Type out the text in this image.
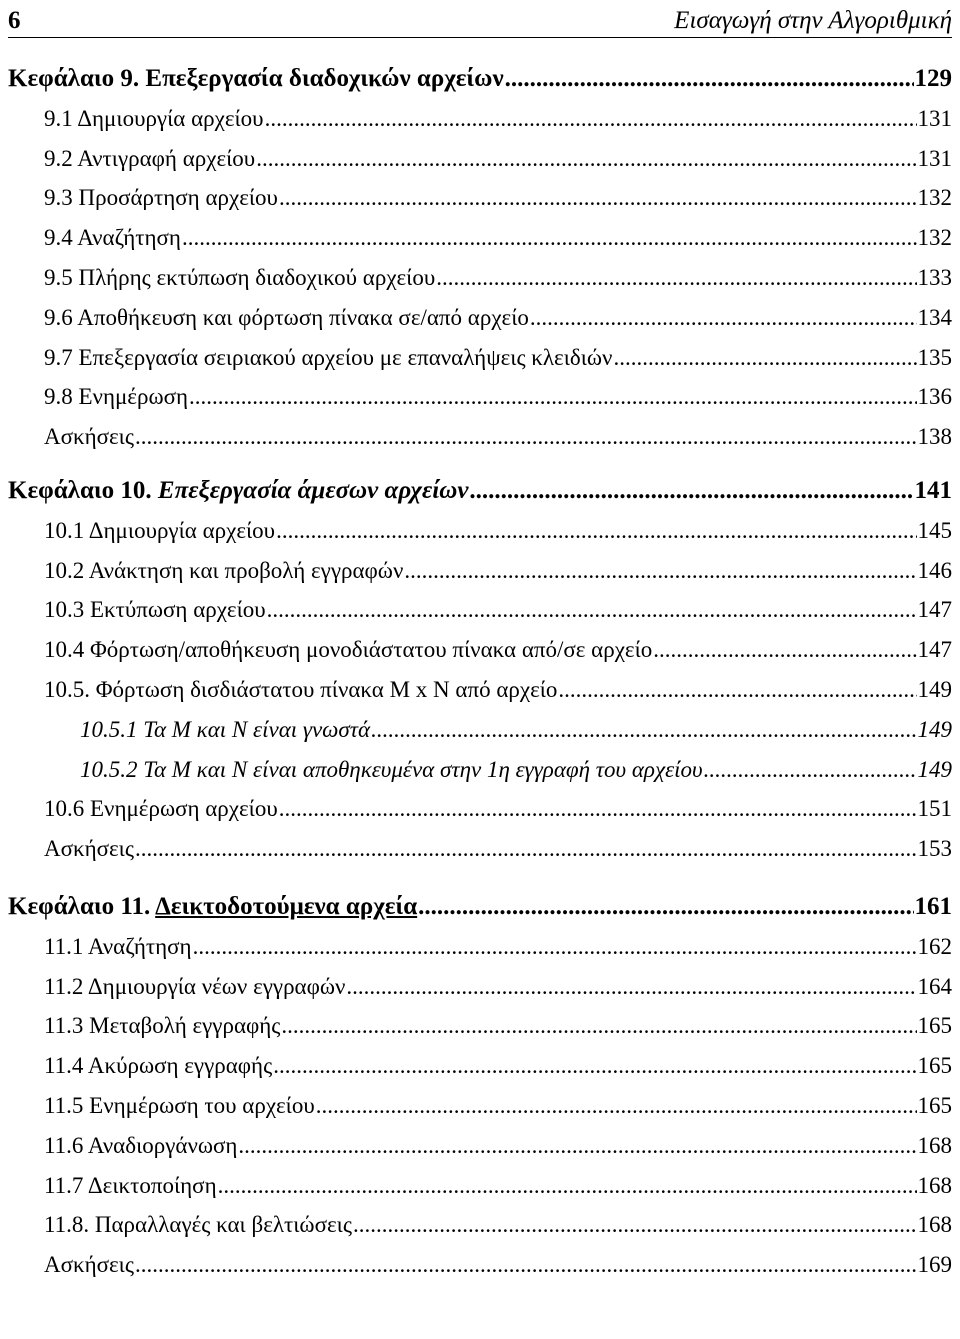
6	Εισαγωγή στην Αλγοριθμική
Κεφάλαιο 9. Επεξεργασία διαδοχικών αρχείων .....	129
9.1 Δημιουργία αρχείου .....	131
9.2 Αντιγραφή αρχείου .....	131
9.3 Προσάρτηση αρχείου .....	132
9.4 Αναζήτηση .....	132
9.5 Πλήρης εκτύπωση διαδοχικού αρχείου .....	133
9.6 Αποθήκευση και φόρτωση πίνακα σε/από αρχείο .....	134
9.7 Επεξεργασία σειριακού αρχείου με επαναλήψεις κλειδιών .....	135
9.8 Ενημέρωση .....	136
Ασκήσεις .....	138
Κεφάλαιο 10. Επεξεργασία άμεσων αρχείων .....	141
10.1 Δημιουργία αρχείου .....	145
10.2 Ανάκτηση και προβολή εγγραφών .....	146
10.3 Εκτύπωση αρχείου .....	147
10.4 Φόρτωση/αποθήκευση μονοδιάστατου πίνακα από/σε αρχείο .....	147
10.5. Φόρτωση δισδιάστατου πίνακα M x N από αρχείο .....	149
10.5.1 Τα M και N είναι γνωστά .....	149
10.5.2 Τα M και N είναι αποθηκευμένα στην 1η εγγραφή του αρχείου .....	149
10.6 Ενημέρωση αρχείου .....	151
Ασκήσεις .....	153
Κεφάλαιο 11. Δεικτοδοτούμενα αρχεία .....	161
11.1 Αναζήτηση .....	162
11.2 Δημιουργία νέων εγγραφών .....	164
11.3 Μεταβολή εγγραφής .....	165
11.4 Ακύρωση εγγραφής .....	165
11.5 Ενημέρωση του αρχείου .....	165
11.6 Αναδιοργάνωση .....	168
11.7 Δεικτοποίηση .....	168
11.8. Παραλλαγές και βελτιώσεις .....	168
Ασκήσεις .....	169
